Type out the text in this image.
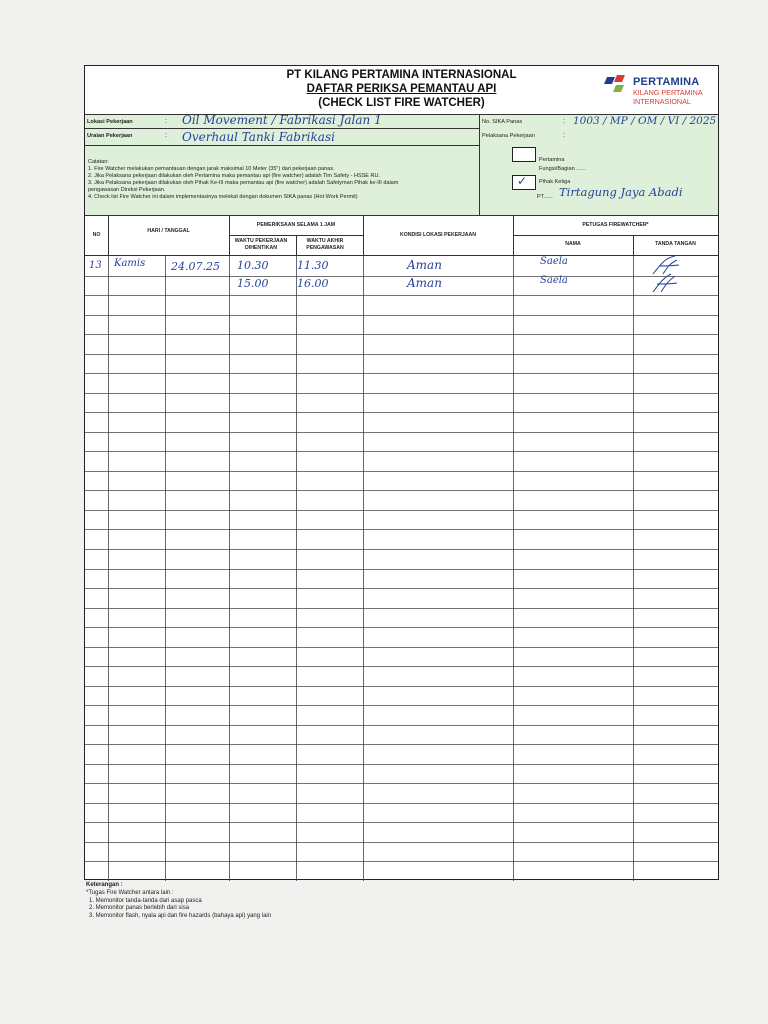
PT KILANG PERTAMINA INTERNASIONAL
DAFTAR PERIKSA PEMANTAU API
(CHECK LIST FIRE WATCHER)
PERTAMINA
KILANG PERTAMINA
INTERNASIONAL
Lokasi Pekerjaan	: Oil Movement / Fabrikasi Jalan 1
Uraian Pekerjaan	: Overhaul Tanki Fabrikasi
Catatan:
1. Fire Watcher melakukan pemantauan dengan jarak maksimal 10 Meter (35") dari pekerjaan panas.
2. Jika Pelaksana pekerjaan dilakukan oleh Pertamina maka pemantau api (fire watcher) adalah Tim Safety - HSSE RU.
3. Jika Pelaksana pekerjaan dilakukan oleh Pihak Ke-III maka pemantau api (fire watcher) adalah Safetyman Pihak ke-III dalam
pengawasan Direksi Pekerjaan.
4. Check list Fire Watcher ini dalam implementasinya melekat dengan dokumen SIKA panas (Hot Work Permit)
No. SIKA Panas	: 1003 / MP / OM / VI / 2025
Pelaksana Pekerjaan	:
Pertamina
Fungsi/Bagian ......
✓ Pihak Ketiga
PT...... Tirtagung Jaya Abadi
NO
HARI / TANGGAL
PEMERIKSAAN SELAMA 1 JAM
WAKTU PEKERJAAN DIHENTIKAN
WAKTU AKHIR PENGAWASAN
KONDISI LOKASI PEKERJAAN
PETUGAS FIREWATCHER*
NAMA	TANDA TANGAN
13 Kamis 24.07.25 10.30	11.30	Aman	Saela
15.00	16.00	Aman	Saela
Keterangan :
*Tugas Fire Watcher antara lain :
1. Memonitor tanda-tanda dari asap pasca
2. Memonitor panas berlebih dari sisa
3. Memonitor flash, nyala api dan fire hazards (bahaya api) yang lain
